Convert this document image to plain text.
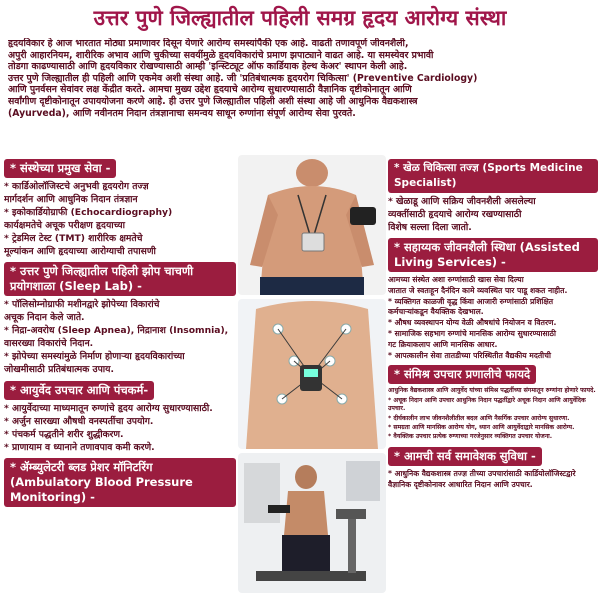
उत्तर पुणे जिल्ह्यातील पहिली समग्र हृदय आरोग्य संस्था

हृदयविकार हे आज भारतात मोठ्या प्रमाणावर दिसून येणारे आरोग्य समस्यांपैकी एक आहे. वाढती तणावपूर्ण जीवनशैली,

अपुरी आहारनियम, शारीरिक अभाव आणि चुकीच्या सवयींमुळे हृदयविकारांचे प्रमाण झपाट्याने वाढत आहे. या समस्येवर प्रभावी

तोडगा काढण्यासाठी आणि हृदयविकार रोखण्यासाठी आम्ही 'इन्स्टिट्यूट ऑफ कार्डियाक हेल्थ केअर' स्थापन केली आहे.

उत्तर पुणे जिल्ह्यातील ही पहिली आणि एकमेव अशी संस्था आहे. जी 'प्रतिबंधात्मक हृदयरोग चिकित्सा' (Preventive Cardiology)

आणि पुनर्वसन सेवांवर लक्ष केंद्रीत करते. आमचा मुख्य उद्देश हृदयाचे आरोग्य सुधारण्यासाठी वैज्ञानिक दृष्टीकोनातून आणि

सर्वांगीण दृष्टीकोनातून उपाययोजना करणे आहे. ही उत्तर पुणे जिल्ह्यातील पहिली अशी संस्था आहे जी आधुनिक वैद्यकशास्त्र

(Ayurveda), आणि नवीनतम निदान तंत्रज्ञानाचा समन्वय साधून रुग्णांना संपूर्ण आरोग्य सेवा पुरवते.

* संस्थेच्या प्रमुख सेवा -
* कार्डिओलॉजिस्टचे अनुभवी हृदयरोग तज्ज्ञ
मार्गदर्शन आणि आधुनिक निदान तंत्रज्ञान
* इकोकार्डियोग्राफी (Echocardiography)
कार्यक्षमतेचे अचूक परीक्षण हृदयाच्या
* ट्रेडमिल टेस्ट (TMT) शारीरिक क्षमतेचे
मूल्यांकन आणि हृदयाच्या आरोग्याची तपासणी
* उत्तर पुणे जिल्ह्यातील पहिली झोप चाचणी प्रयोगशाळा (Sleep Lab) -
* पॉलिसोम्नोग्राफी मशीनद्वारे झोपेच्या विकारांचे
अचूक निदान केले जाते.
* निद्रा-अवरोध (Sleep Apnea), निद्रानाश (Insomnia),
वासरख्या विकारांचे निदान.
* झोपेच्या समस्यांमुळे निर्माण होणाऱ्या हृदयविकारांच्या
जोखमीसाठी प्रतिबंधात्मक उपाय.
* आयुर्वेद उपचार आणि पंचकर्म-
* आयुर्वेदाच्या माध्यमातून रुग्णांचे हृदय आरोग्य सुधारण्यासाठी.
* अर्जुन सारख्या औषधी वनस्पतींचा उपयोग.
* पंचकर्म पद्धतीने शरीर शुद्धीकरण.
* प्राणायाम व ध्यानाने तणावपाव कमी करणे.
* ॲम्ब्युलेटरी ब्लड प्रेशर मॉनिटरिंग (Ambulatory Blood Pressure Monitoring) -
* खेळ चिकित्सा तज्ज्ञ (Sports Medicine Specialist)
* खेळाडू आणि सक्रिय जीवनशैली असलेल्या
व्यक्तींसाठी हृदयाचे आरोग्य रखण्यासाठी
विशेष सल्ला दिला जातो.
* सहाय्यक जीवनशैली स्थिधा (Assisted Living Services) -
आमच्या संस्थेत अशा रुग्णांसाठी खास सेवा दिल्या
जातात जे स्वतःहून दैनंदिन कामे व्यवस्थित पार पाडू शकत नाहीत.
* व्यक्तिगत काळजी वृद्ध किंवा आजारी रुग्णांसाठी प्रशिक्षित
कर्मचाऱ्यांकडून वैयक्तिक देखभाल.
* औषध व्यवस्थापन योग्य वेळी औषधांचे नियोजन व वितरण.
* सामाजिक सहभाग रुग्णांचे मानसिक आरोग्य सुधारण्यासाठी
गट क्रियाकलाप आणि मानसिक आधार.
* आपत्कालीन सेवा तातडीच्या परिस्थितीत वैद्यकीय मदतीची
* संमिश्र उपचार प्रणालीचे फायदे
आधुनिक वैद्यकशास्त्र आणि आयुर्वेद यांच्या संमिश्र पद्धतींच्या संगमातून रुग्णांना होणारे फायदे.
* अचूक निदान आणि उपचार आधुनिक निदान पद्धतींद्वारे अचूक निदान आणि आयुर्वेदिक उपचार.
* दीर्घकालीन लाभ जीवनशैलीतील बदल आणि नैसर्गिक उपचार आरोग्य सुधारणा.
* समग्रता आणि मानसिक आरोग्य योग, ध्यान आणि आयुर्वेदाद्वारे मानसिक आरोग्य.
* वैयक्तिक उपचार प्रत्येक रुग्णाच्या गरजेनुसार व्यक्तिगत उपचार योजना.
* आमची सर्व समावेशक सुविधा -
* आधुनिक वैद्यकशास्त्र तज्ज्ञ तीच्या उपचारांसाठी कार्डियोलॉजिस्टद्वारे
वैज्ञानिक दृष्टीकोनावर आधारित निदान आणि उपचार.
